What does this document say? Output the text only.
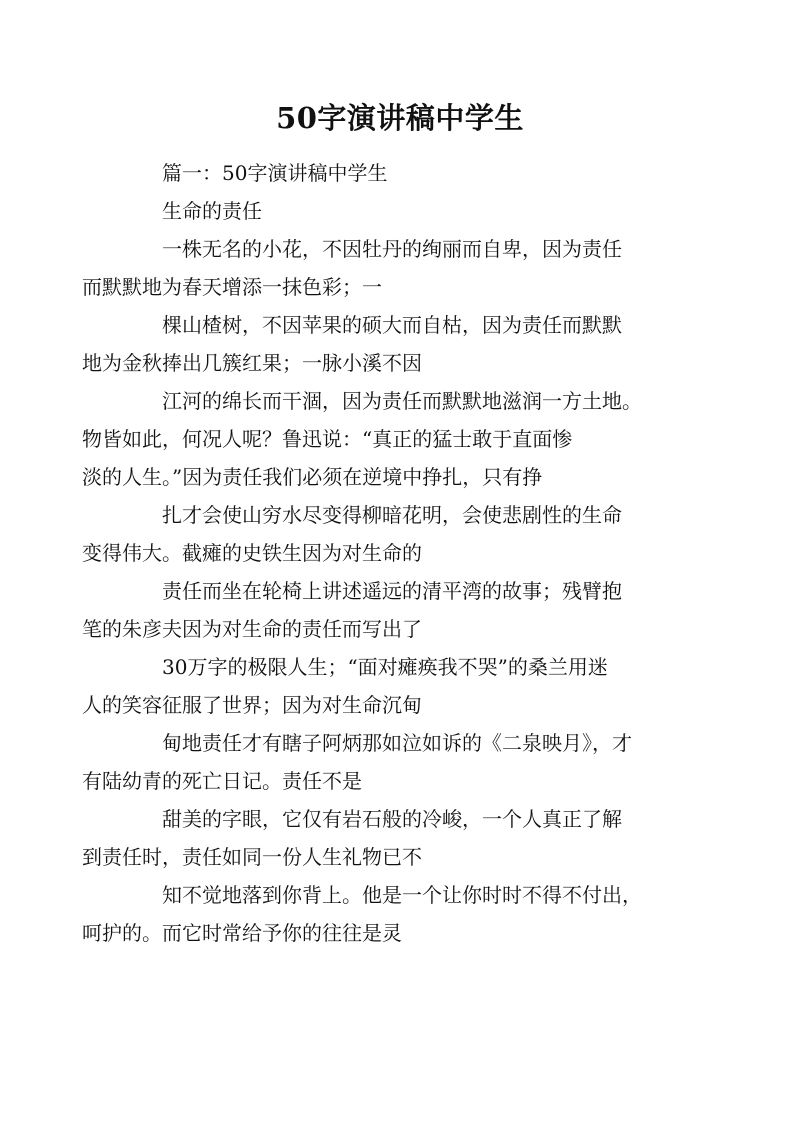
50字演讲稿中学生

篇一：50字演讲稿中学生

生命的责任

一株无名的小花，不因牡丹的绚丽而自卑，因为责任
而默默地为春天增添一抹色彩；一

棵山楂树，不因苹果的硕大而自枯，因为责任而默默
地为金秋捧出几簇红果；一脉小溪不因

江河的绵长而干涸，因为责任而默默地滋润一方土地。
物皆如此，何况人呢？鲁迅说：“真正的猛士敢于直面惨
淡的人生。”因为责任我们必须在逆境中挣扎，只有挣

扎才会使山穷水尽变得柳暗花明，会使悲剧性的生命
变得伟大。截瘫的史铁生因为对生命的

责任而坐在轮椅上讲述遥远的清平湾的故事；残臂抱
笔的朱彦夫因为对生命的责任而写出了

30万字的极限人生；“面对瘫痪我不哭”的桑兰用迷
人的笑容征服了世界；因为对生命沉甸

甸地责任才有瞎子阿炳那如泣如诉的《二泉映月》，才
有陆幼青的死亡日记。责任不是

甜美的字眼，它仅有岩石般的冷峻，一个人真正了解
到责任时，责任如同一份人生礼物已不

知不觉地落到你背上。他是一个让你时时不得不付出，
呵护的。而它时常给予你的往往是灵
